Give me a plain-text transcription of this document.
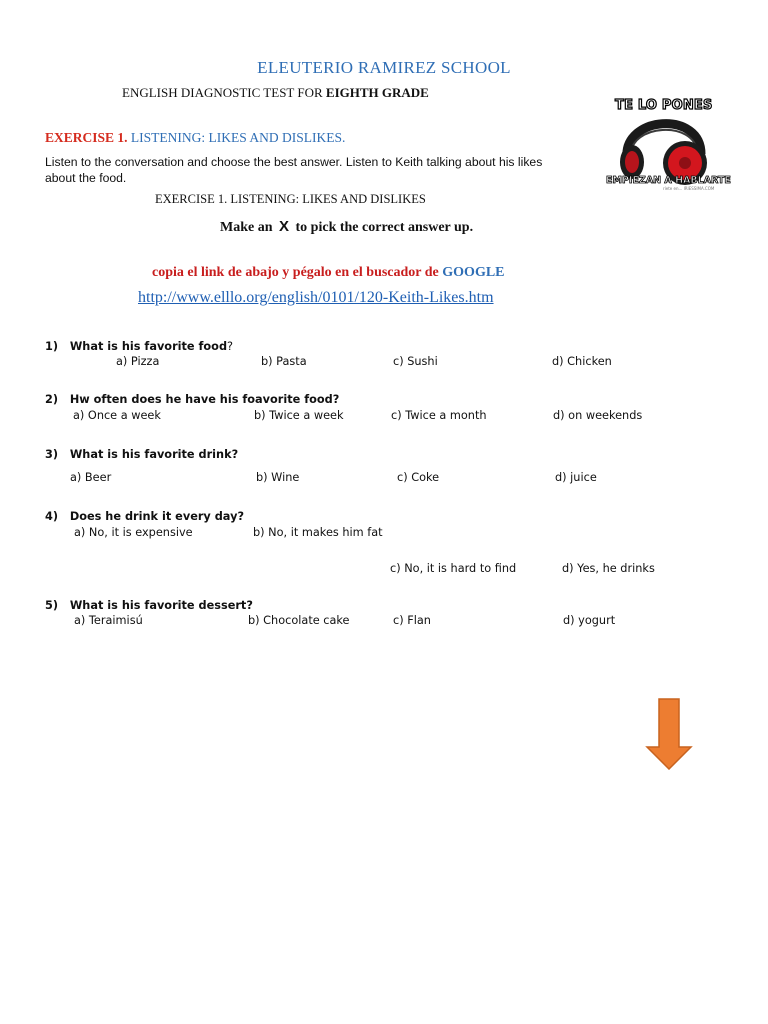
ELEUTERIO RAMIREZ SCHOOL
ENGLISH DIAGNOSTIC TEST FOR EIGHTH GRADE
EXERCISE 1. LISTENING: LIKES AND DISLIKES.
Listen to the conversation and choose the best answer. Listen to Keith talking about his likes about the food.
EXERCISE 1. LISTENING: LIKES AND DISLIKES
Make an X to pick the correct answer up.
copia el link de abajo y pégalo en el buscador de GOOGLE
http://www.elllo.org/english/0101/120-Keith-Likes.htm
TE LO PONES
EMPIEZAN A HABLARTE
ríete en... IRIESSIMA.COM
1) What is his favorite food?
a) Pizza	b) Pasta	c) Sushi	d) Chicken
2) Hw often does he have his foavorite food?
a) Once a week	b) Twice a week	c) Twice a month	d) on weekends
3) What is his favorite drink?
a) Beer	b) Wine	c) Coke	d) juice
4) Does he drink it every day?
a) No, it is expensive	b) No, it makes him fat
c) No, it is hard to find	d) Yes, he drinks
5) What is his favorite dessert?
a) Teraimisú	b) Chocolate cake	c) Flan	d) yogurt
